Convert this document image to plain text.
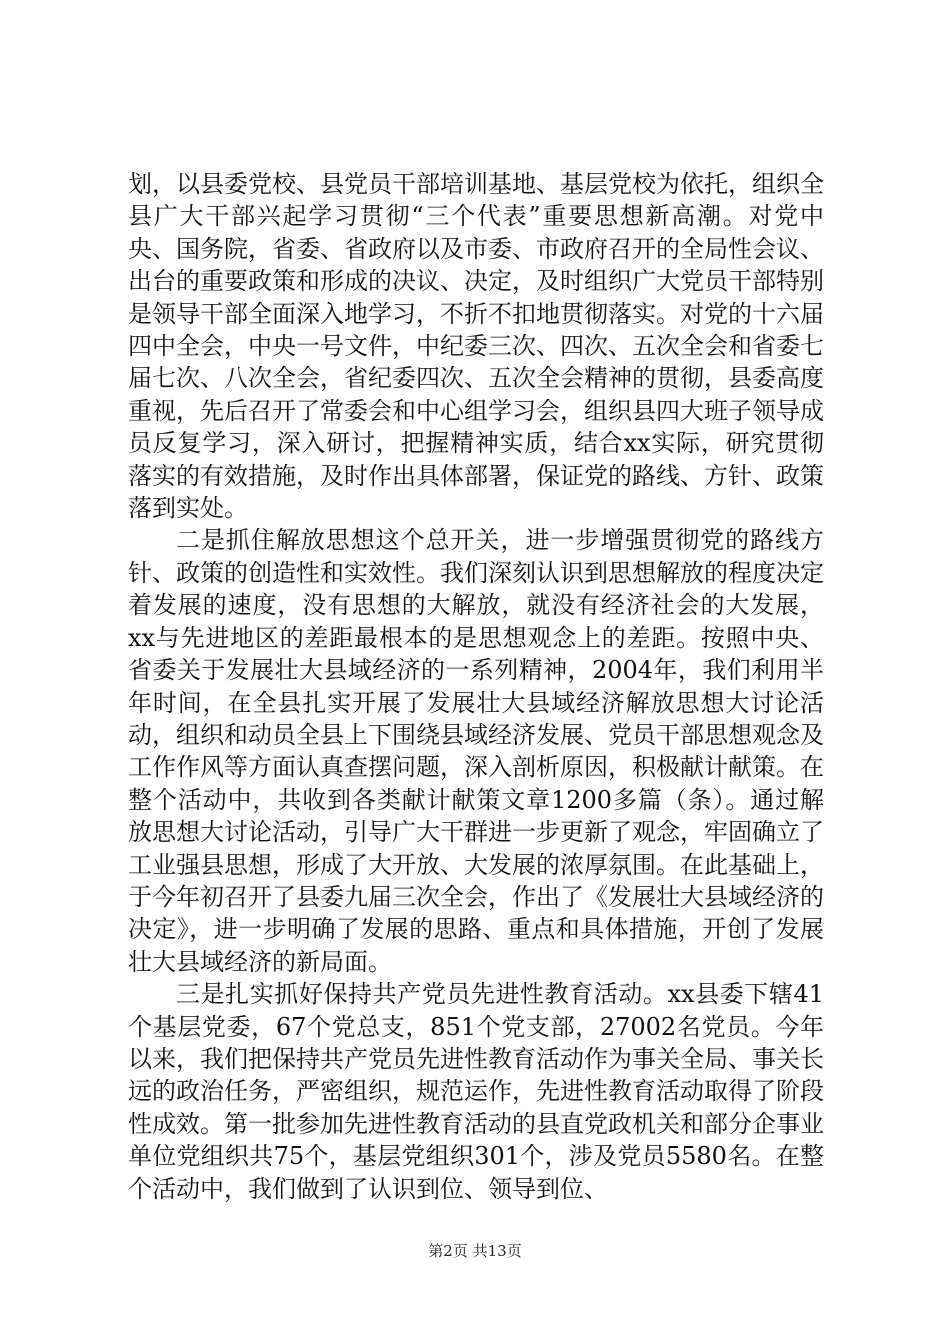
划，以县委党校、县党员干部培训基地、基层党校为依托，组织全县广大干部兴起学习贯彻“三个代表”重要思想新高潮。对党中央、国务院，省委、省政府以及市委、市政府召开的全局性会议、出台的重要政策和形成的决议、决定，及时组织广大党员干部特别是领导干部全面深入地学习，不折不扣地贯彻落实。对党的十六届四中全会，中央一号文件，中纪委三次、四次、五次全会和省委七届七次、八次全会，省纪委四次、五次全会精神的贯彻，县委高度重视，先后召开了常委会和中心组学习会，组织县四大班子领导成员反复学习，深入研讨，把握精神实质，结合xx实际，研究贯彻落实的有效措施，及时作出具体部署，保证党的路线、方针、政策落到实处。

二是抓住解放思想这个总开关，进一步增强贯彻党的路线方针、政策的创造性和实效性。我们深刻认识到思想解放的程度决定着发展的速度，没有思想的大解放，就没有经济社会的大发展，xx与先进地区的差距最根本的是思想观念上的差距。按照中央、省委关于发展壮大县域经济的一系列精神，2004年，我们利用半年时间，在全县扎实开展了发展壮大县域经济解放思想大讨论活动，组织和动员全县上下围绕县域经济发展、党员干部思想观念及工作作风等方面认真查摆问题，深入剖析原因，积极献计献策。在整个活动中，共收到各类献计献策文章1200多篇（条）。通过解放思想大讨论活动，引导广大干群进一步更新了观念，牢固确立了工业强县思想，形成了大开放、大发展的浓厚氛围。在此基础上，于今年初召开了县委九届三次全会，作出了《发展壮大县域经济的决定》，进一步明确了发展的思路、重点和具体措施，开创了发展壮大县域经济的新局面。

三是扎实抓好保持共产党员先进性教育活动。xx县委下辖41个基层党委，67个党总支，851个党支部，27002名党员。今年以来，我们把保持共产党员先进性教育活动作为事关全局、事关长远的政治任务，严密组织，规范运作，先进性教育活动取得了阶段性成效。第一批参加先进性教育活动的县直党政机关和部分企事业单位党组织共75个，基层党组织301个，涉及党员5580名。在整个活动中，我们做到了认识到位、领导到位、

第2页 共13页
